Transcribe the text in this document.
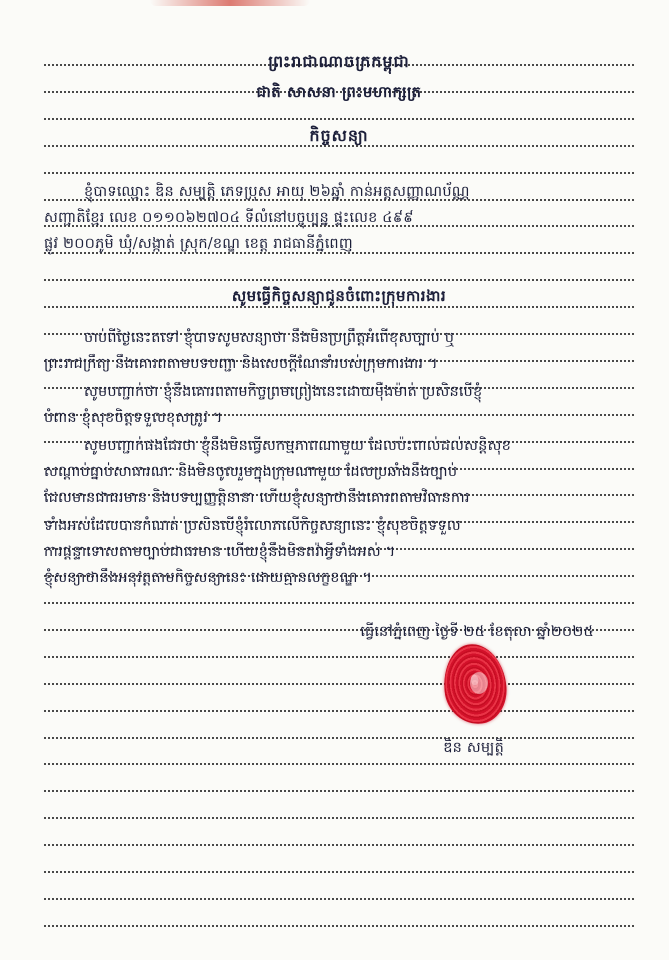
ព្រះរាជាណាចក្រកម្ពុជា
ជាតិ សាសនា ព្រះមហាក្សត្រ
កិច្ចសន្យា
ខ្ញុំបាទឈ្មោះ ឌិន សម្បត្តិ ភេទប្រុស អាយុ ២៦ឆ្នាំ កាន់អត្តសញ្ញាណប័ណ្ណ
សញ្ជាតិខ្មែរ លេខ ០១១០៦២៧០៤ ទីលំនៅបច្ចុប្បន្ន ផ្ទះលេខ ៤៩៩
ផ្លូវ ២០០ភូមិ ឃុំ/សង្កាត់ ស្រុក/ខណ្ឌ ខេត្ត រាជធានីភ្នំពេញ
សូមធ្វើកិច្ចសន្យាជូនចំពោះក្រុមការងារ
ចាប់ពីថ្ងៃនេះតទៅ ខ្ញុំបាទសូមសន្យាថា នឹងមិនប្រព្រឹត្តអំពើខុសច្បាប់ ឬ
ព្រះរាជក្រឹត្យ នឹងគោរពតាមបទបញ្ជា និងសេចក្តីណែនាំរបស់ក្រុមការងារ ។
សូមបញ្ជាក់ថា ខ្ញុំនឹងគោរពតាមកិច្ចព្រមព្រៀងនេះដោយម៉ឺងម៉ាត់ ប្រសិនបើខ្ញុំ
បំពាន ខ្ញុំសុខចិត្តទទួលខុសត្រូវ ។
សូមបញ្ជាក់ផងដែរថា ខ្ញុំនឹងមិនធ្វើសកម្មភាពណាមួយ ដែលប៉ះពាល់ដល់សន្តិសុខ
សណ្តាប់ធ្នាប់សាធារណៈ និងមិនចូលរួមក្នុងក្រុមណាមួយ ដែលប្រឆាំងនឹងច្បាប់
ដែលមានជាធរមាន និងបទប្បញ្ញត្តិនានា ហើយខ្ញុំសន្យាថានឹងគោរពតាមវិធានការ
ទាំងអស់ដែលបានកំណត់ ប្រសិនបើខ្ញុំរំលោភលើកិច្ចសន្យានេះ ខ្ញុំសុខចិត្តទទួល
ការផ្តន្ទាទោសតាមច្បាប់ជាធរមាន ហើយខ្ញុំនឹងមិនតវ៉ាអ្វីទាំងអស់ ។
ខ្ញុំសន្យាថានឹងអនុវត្តតាមកិច្ចសន្យានេះ ដោយគ្មានលក្ខខណ្ឌ ។
ធ្វើនៅភ្នំពេញ ថ្ងៃទី ២៥ ខែតុលា ឆ្នាំ២០២៥
ឌិន សម្បត្តិ
